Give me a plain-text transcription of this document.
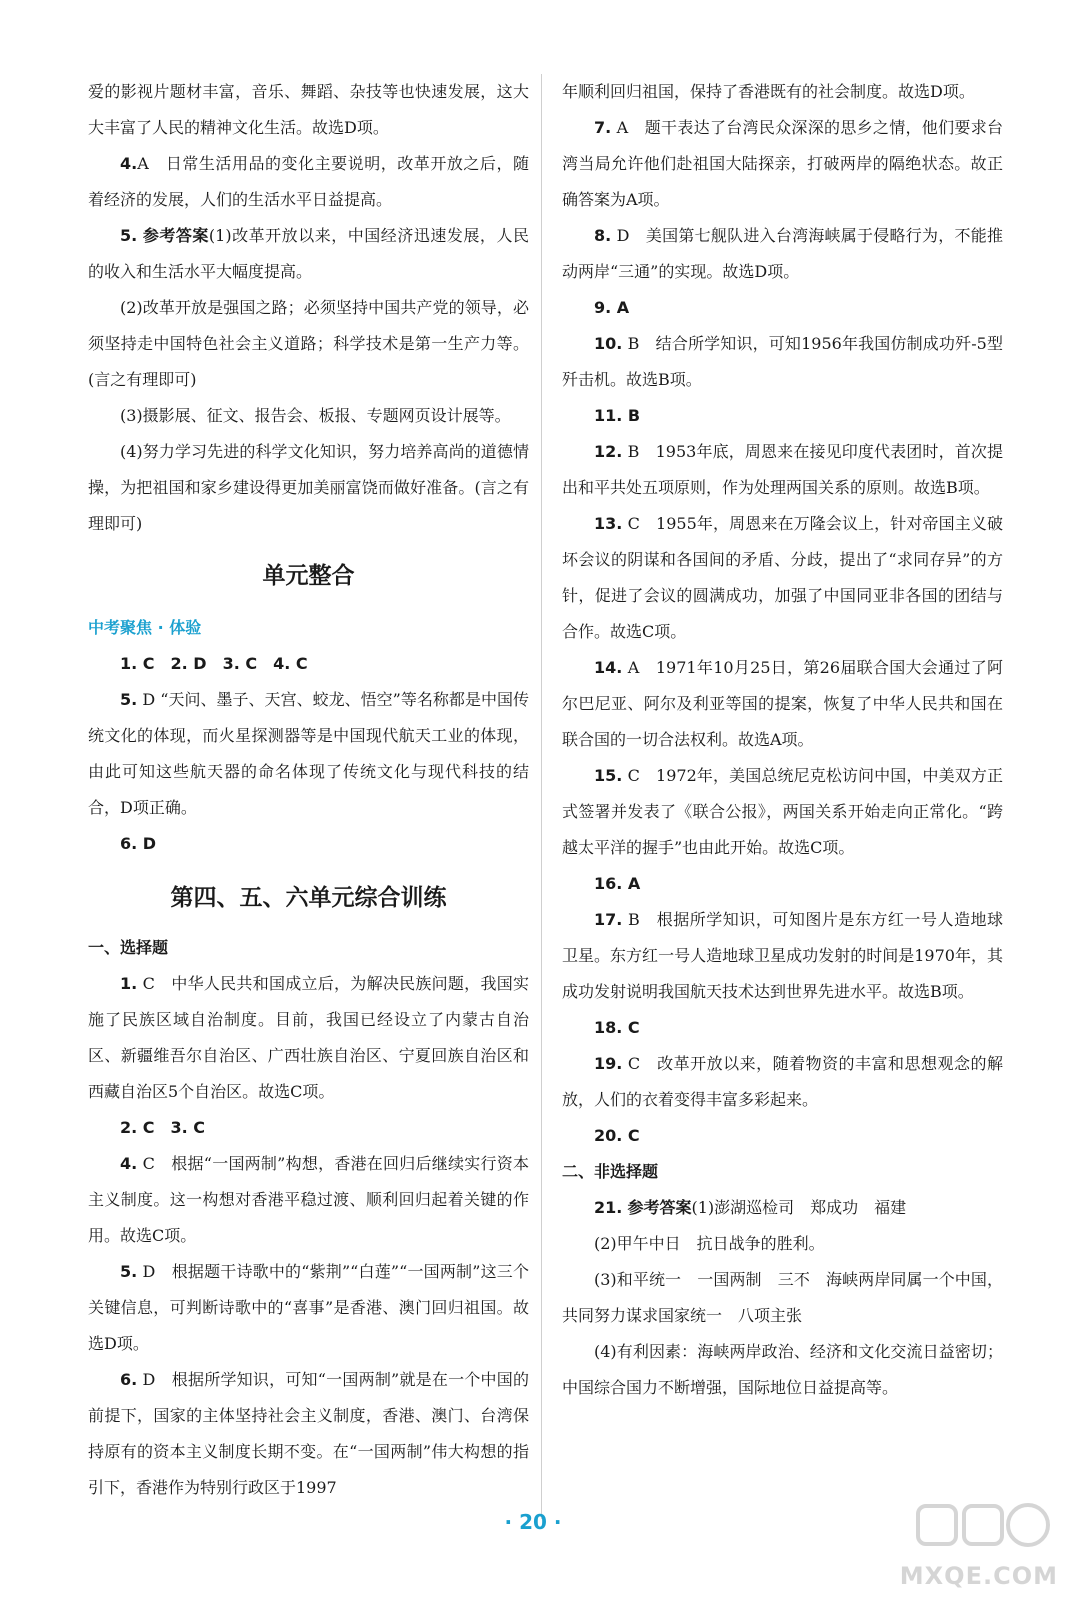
爱的影视片题材丰富，音乐、舞蹈、杂技等也快速发展，这大大丰富了人民的精神文化生活。故选D项。

4.A　日常生活用品的变化主要说明，改革开放之后，随着经济的发展，人们的生活水平日益提高。

5. 参考答案(1)改革开放以来，中国经济迅速发展，人民的收入和生活水平大幅度提高。

(2)改革开放是强国之路；必须坚持中国共产党的领导，必须坚持走中国特色社会主义道路；科学技术是第一生产力等。(言之有理即可)

(3)摄影展、征文、报告会、板报、专题网页设计展等。

(4)努力学习先进的科学文化知识，努力培养高尚的道德情操，为把祖国和家乡建设得更加美丽富饶而做好准备。(言之有理即可)

单元整合
中考聚焦 · 体验

1. C　2. D　3. C　4. C

5. D “天问、墨子、天宫、蛟龙、悟空”等名称都是中国传统文化的体现，而火星探测器等是中国现代航天工业的体现，由此可知这些航天器的命名体现了传统文化与现代科技的结合，D项正确。

6. D

第四、五、六单元综合训练
一、选择题

1. C　中华人民共和国成立后，为解决民族问题，我国实施了民族区域自治制度。目前，我国已经设立了内蒙古自治区、新疆维吾尔自治区、广西壮族自治区、宁夏回族自治区和西藏自治区5个自治区。故选C项。

2. C　3. C

4. C　根据“一国两制”构想，香港在回归后继续实行资本主义制度。这一构想对香港平稳过渡、顺利回归起着关键的作用。故选C项。

5. D　根据题干诗歌中的“紫荆”“白莲”“一国两制”这三个关键信息，可判断诗歌中的“喜事”是香港、澳门回归祖国。故选D项。

6. D　根据所学知识，可知“一国两制”就是在一个中国的前提下，国家的主体坚持社会主义制度，香港、澳门、台湾保持原有的资本主义制度长期不变。在“一国两制”伟大构想的指引下，香港作为特别行政区于1997

年顺利回归祖国，保持了香港既有的社会制度。故选D项。

7. A　题干表达了台湾民众深深的思乡之情，他们要求台湾当局允许他们赴祖国大陆探亲，打破两岸的隔绝状态。故正确答案为A项。

8. D　美国第七舰队进入台湾海峡属于侵略行为，不能推动两岸“三通”的实现。故选D项。

9. A

10. B　结合所学知识，可知1956年我国仿制成功歼-5型歼击机。故选B项。

11. B

12. B　1953年底，周恩来在接见印度代表团时，首次提出和平共处五项原则，作为处理两国关系的原则。故选B项。

13. C　1955年，周恩来在万隆会议上，针对帝国主义破坏会议的阴谋和各国间的矛盾、分歧，提出了“求同存异”的方针，促进了会议的圆满成功，加强了中国同亚非各国的团结与合作。故选C项。

14. A　1971年10月25日，第26届联合国大会通过了阿尔巴尼亚、阿尔及利亚等国的提案，恢复了中华人民共和国在联合国的一切合法权利。故选A项。

15. C　1972年，美国总统尼克松访问中国，中美双方正式签署并发表了《联合公报》，两国关系开始走向正常化。“跨越太平洋的握手”也由此开始。故选C项。

16. A

17. B　根据所学知识，可知图片是东方红一号人造地球卫星。东方红一号人造地球卫星成功发射的时间是1970年，其成功发射说明我国航天技术达到世界先进水平。故选B项。

18. C

19. C　改革开放以来，随着物资的丰富和思想观念的解放，人们的衣着变得丰富多彩起来。

20. C

二、非选择题

21. 参考答案(1)澎湖巡检司　郑成功　福建

(2)甲午中日　抗日战争的胜利。

(3)和平统一　一国两制　三不　海峡两岸同属一个中国，共同努力谋求国家统一　八项主张

(4)有利因素：海峡两岸政治、经济和文化交流日益密切；中国综合国力不断增强，国际地位日益提高等。

· 20 ·
MXQE.COM
